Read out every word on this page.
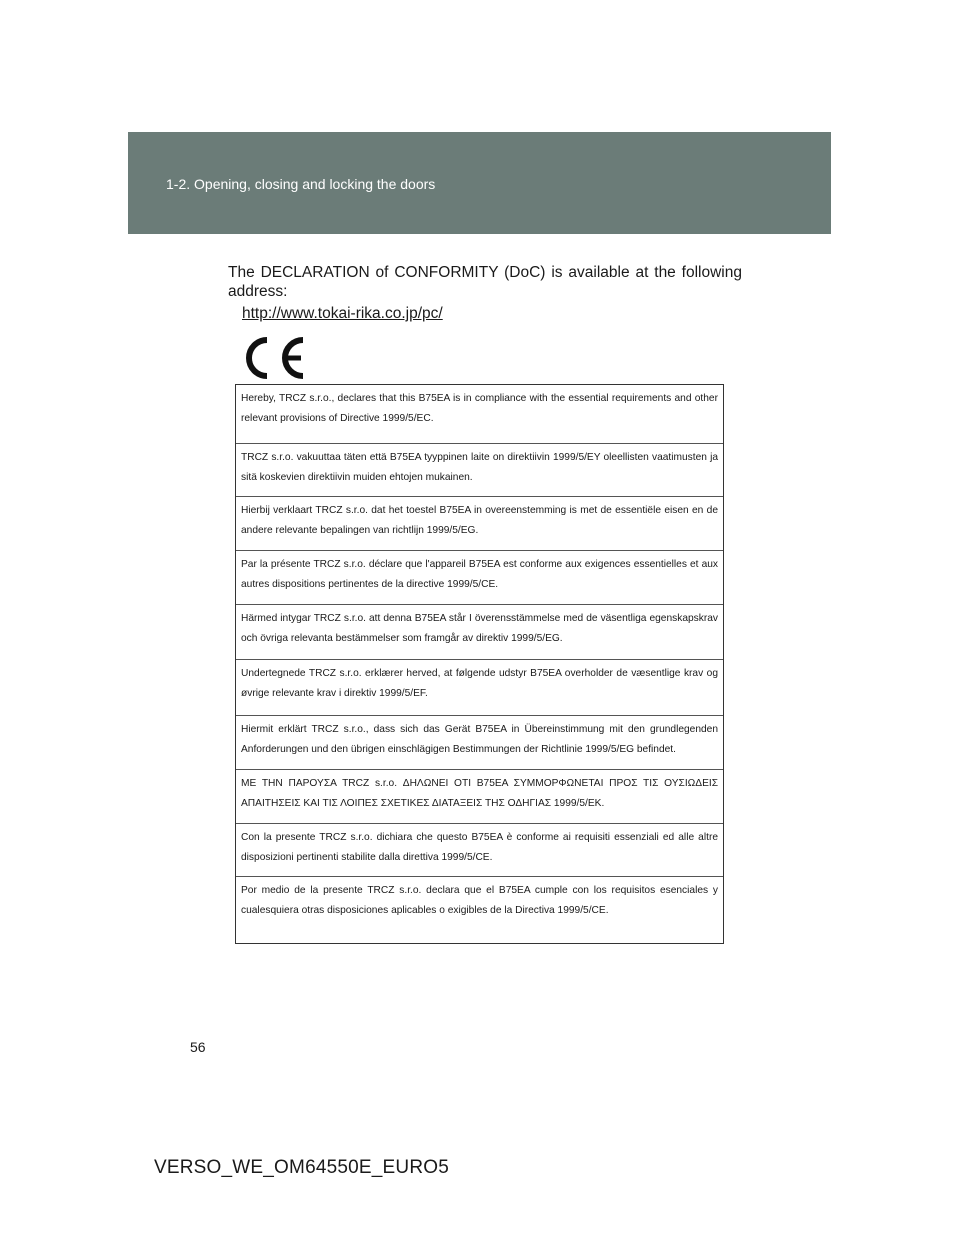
1-2. Opening, closing and locking the doors

The DECLARATION of CONFORMITY (DoC) is available at the following address:

http://www.tokai-rika.co.jp/pc/
Hereby, TRCZ s.r.o., declares that this B75EA is in compliance with the essential requirements and other relevant provisions of Directive 1999/5/EC.
TRCZ s.r.o. vakuuttaa täten että B75EA tyyppinen laite on direktiivin 1999/5/EY oleellisten vaatimusten ja sitä koskevien direktiivin muiden ehtojen mukainen.
Hierbij verklaart TRCZ s.r.o. dat het toestel B75EA in overeenstemming is met de essentiële eisen en de andere relevante bepalingen van richtlijn 1999/5/EG.
Par la présente TRCZ s.r.o. déclare que l'appareil B75EA est conforme aux exigences essentielles et aux autres dispositions pertinentes de la directive 1999/5/CE.
Härmed intygar TRCZ s.r.o. att denna B75EA står I överensstämmelse med de väsentliga egenskapskrav och övriga relevanta bestämmelser som framgår av direktiv 1999/5/EG.
Undertegnede TRCZ s.r.o. erklærer herved, at følgende udstyr B75EA overholder de væsentlige krav og øvrige relevante krav i direktiv 1999/5/EF.
Hiermit erklärt TRCZ s.r.o., dass sich das Gerät B75EA in Übereinstimmung mit den grundlegenden Anforderungen und den übrigen einschlägigen Bestimmungen der Richtlinie 1999/5/EG befindet.
ΜΕ ΤΗΝ ΠΑΡΟΥΣΑ TRCZ s.r.o. ΔΗΛΩΝΕΙ ΟΤΙ B75EA ΣΥΜΜΟΡΦΩΝΕΤΑΙ ΠΡΟΣ ΤΙΣ ΟΥΣΙΩΔΕΙΣ ΑΠΑΙΤΗΣΕΙΣ ΚΑΙ ΤΙΣ ΛΟΙΠΕΣ ΣΧΕΤΙΚΕΣ ΔΙΑΤΑΞΕΙΣ ΤΗΣ ΟΔΗΓΙΑΣ 1999/5/ΕΚ.
Con la presente TRCZ s.r.o. dichiara che questo B75EA è conforme ai requisiti essenziali ed alle altre disposizioni pertinenti stabilite dalla direttiva 1999/5/CE.
Por medio de la presente TRCZ s.r.o. declara que el B75EA cumple con los requisitos esenciales y cualesquiera otras disposiciones aplicables o exigibles de la Directiva 1999/5/CE.
56
VERSO_WE_OM64550E_EURO5
